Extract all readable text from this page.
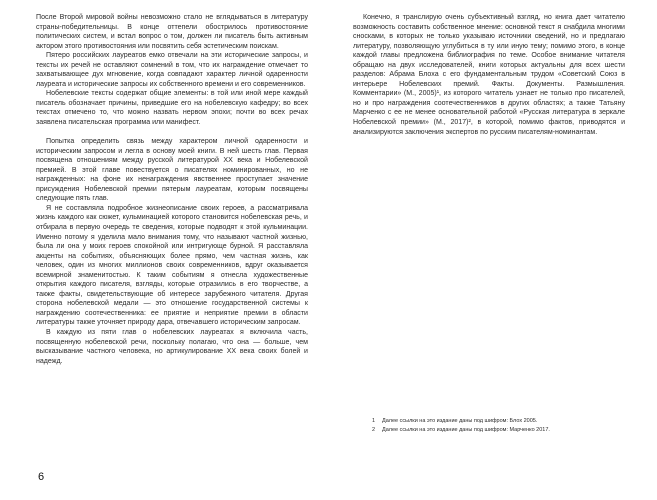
После Второй мировой войны невозможно стало не вглядываться в литературу страны-победительницы. В конце оттепели обострилось противостояние политических систем, и встал вопрос о том, должен ли писатель быть активным актором этого противостояния или посвятить себя эстетическим поискам.

Пятеро российских лауреатов емко отвечали на эти исторические запросы, и тексты их речей не оставляют сомнений в том, что их награждение отмечает то захватывающее дух мгновение, когда совпадают характер личной одаренности лауреата и исторические запросы их собственного времени и его современников.

Нобелевские тексты содержат общие элементы: в той или иной мере каждый писатель обозначает причины, приведшие его на нобелевскую кафедру; во всех текстах отмечено то, что можно назвать нервом эпохи; почти во всех речах заявлена писательская программа или манифест.

Попытка определить связь между характером личной одаренности и историческим запросом и легла в основу моей книги. В ней шесть глав. Первая посвящена отношениям между русской литературой XX века и Нобелевской премией. В этой главе повествуется о писателях номинированных, но не награжденных: на фоне их ненаграждения явственнее проступает значение присуждения Нобелевской премии пятерым лауреатам, которым посвящены следующие пять глав.

Я не составляла подробное жизнеописание своих героев, а рассматривала жизнь каждого как сюжет, кульминацией которого становится нобелевская речь, и отбирала в первую очередь те сведения, которые подводят к этой кульминации. Именно потому я уделила мало внимания тому, что называют частной жизнью, была ли она у моих героев спокойной или интригующе бурной. Я расставляла акценты на событиях, объясняющих более прямо, чем частная жизнь, как человек, один из многих миллионов своих современников, вдруг оказывается всемирной знаменитостью. К таким событиям я отнесла художественные открытия каждого писателя, взгляды, которые отразились в его творчестве, а также факты, свидетельствующие об интересе зарубежного читателя. Другая сторона нобелевской медали — это отношение государственной системы к награждению соотечественника: ее приятие и неприятие премии в области литературы также уточняет природу дара, отвечавшего историческим запросам.

В каждую из пяти глав о нобелевских лауреатах я включила часть, посвященную нобелевской речи, поскольку полагаю, что она — больше, чем высказывание частного человека, но артикулирование XX века своих болей и надежд.

6

Конечно, я транслирую очень субъективный взгляд, но книга дает читателю возможность составить собственное мнение: основной текст я снабдила многими сносками, в которых не только указываю источники сведений, но и предлагаю литературу, позволяющую углубиться в ту или иную тему; помимо этого, в конце каждой главы предложена библиография по теме. Особое внимание читателя обращаю на двух исследователей, книги которых актуальны для всех шести разделов: Абрама Блоха с его фундаментальным трудом «Советский Союз в интерьере Нобелевских премий. Факты. Документы. Размышления. Комментарии» (М., 2005)¹, из которого читатель узнает не только про писателей, но и про награждения соотечественников в других областях; а также Татьяну Марченко с ее не менее основательной работой «Русская литература в зеркале Нобелевской премии» (М., 2017)², в которой, помимо фактов, приводятся и анализируются заключения экспертов по русским писателям-номинантам.

1	Далее ссылки на это издание даны под шифром: Блох 2005.
2	Далее ссылки на это издание даны под шифром: Марченко 2017.
